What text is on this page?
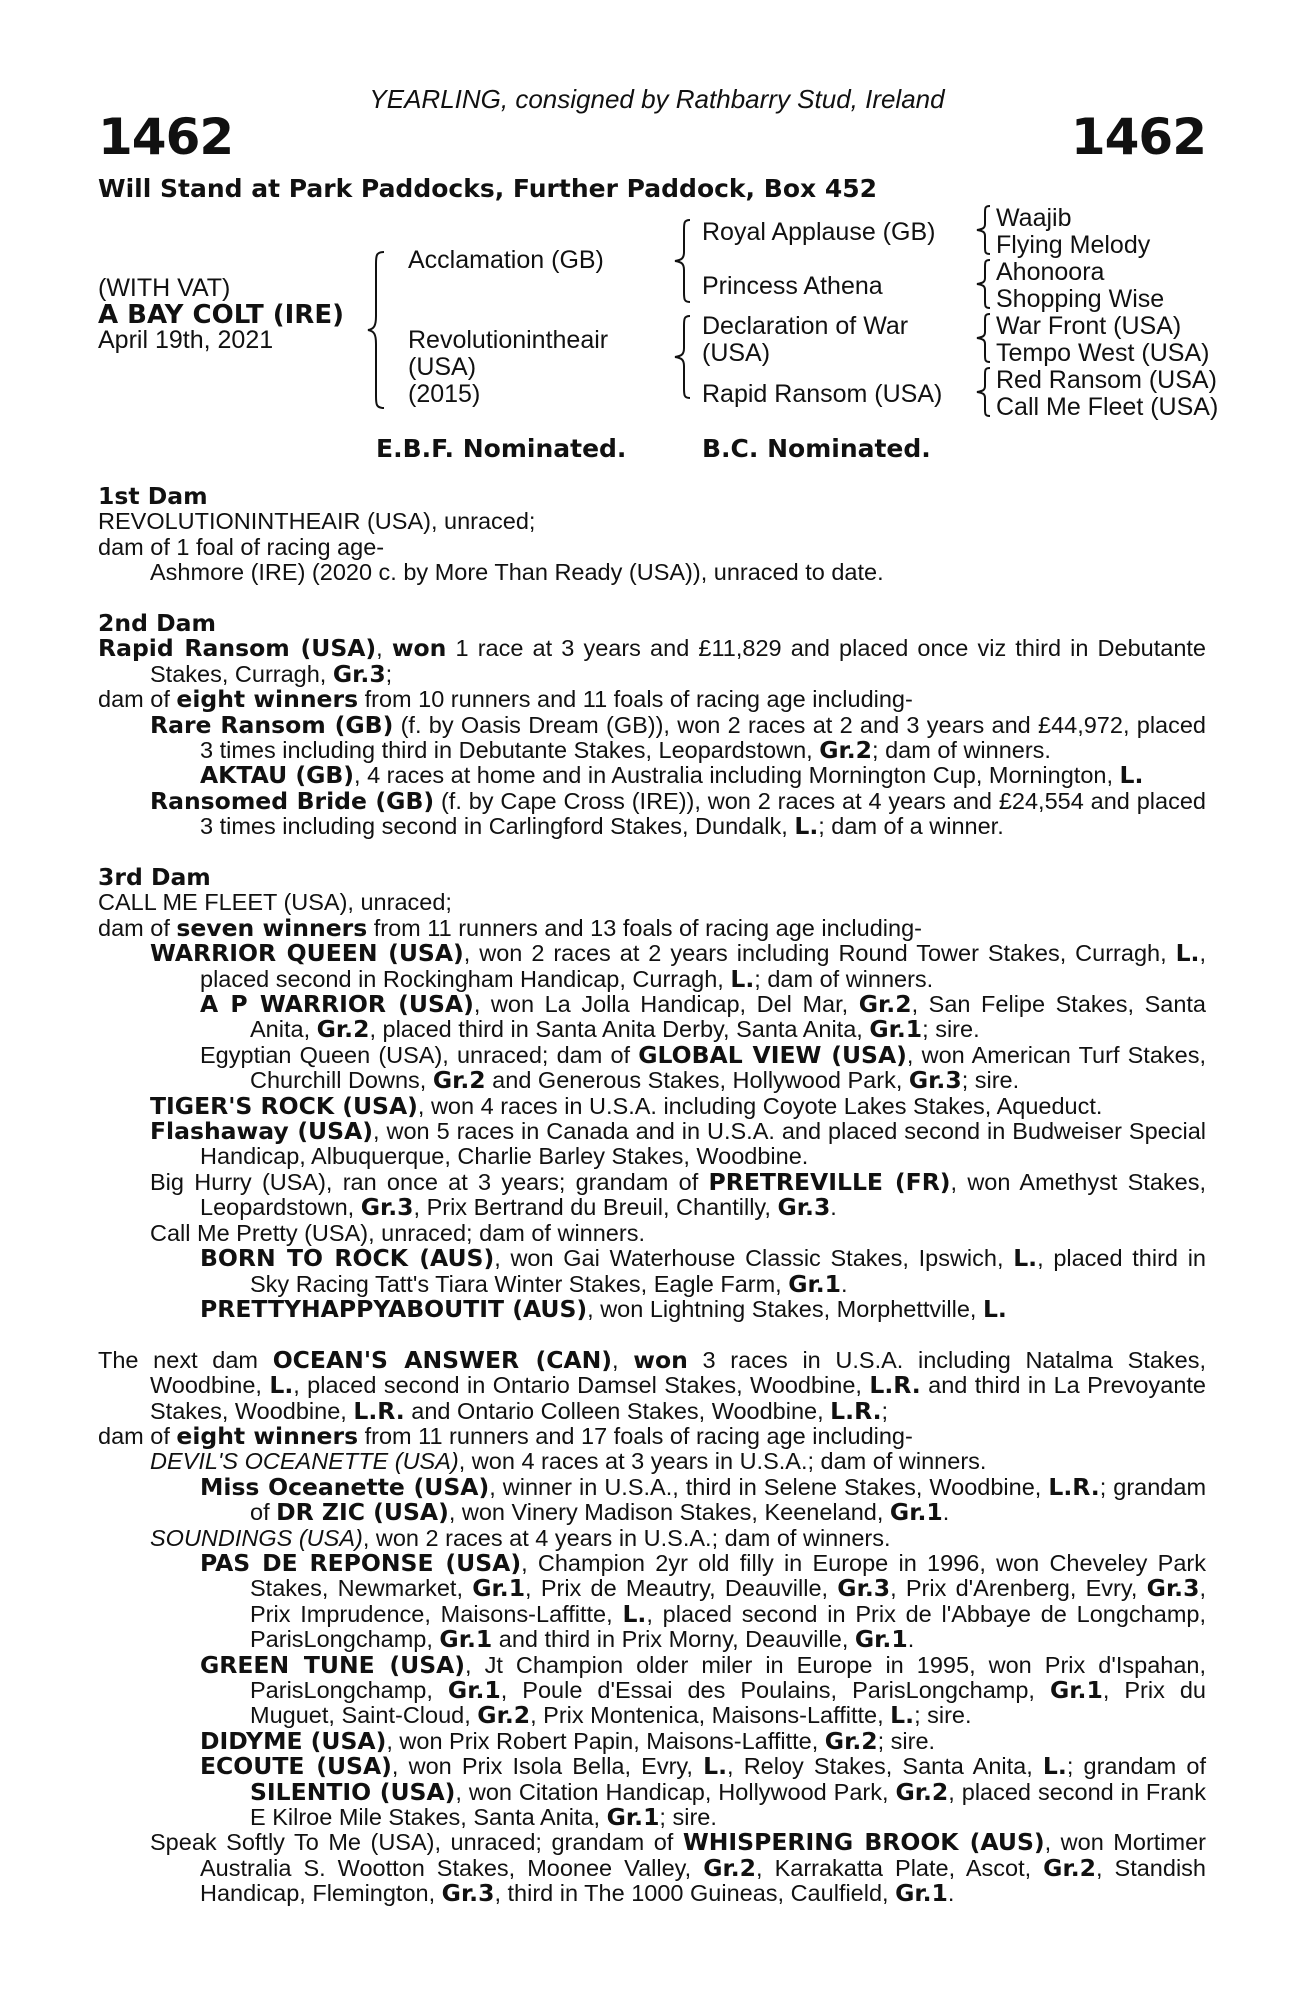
YEARLING, consigned by Rathbarry Stud, Ireland
1462	1462
Will Stand at Park Paddocks, Further Paddock, Box 452
(WITH VAT)
A BAY COLT (IRE)
April 19th, 2021
Acclamation (GB)
Revolutionintheair
(USA)
(2015)
Royal Applause (GB)
Princess Athena
Declaration of War
(USA)
Rapid Ransom (USA)
Waajib
Flying Melody
Ahonoora
Shopping Wise
War Front (USA)
Tempo West (USA)
Red Ransom (USA)
Call Me Fleet (USA)
E.B.F. Nominated.	B.C. Nominated.
1st Dam
REVOLUTIONINTHEAIR (USA), unraced;
dam of 1 foal of racing age-
Ashmore (IRE) (2020 c. by More Than Ready (USA)), unraced to date.
2nd Dam
Rapid Ransom (USA), won 1 race at 3 years and £11,829 and placed once viz third in Debutante Stakes, Curragh, Gr.3;
dam of eight winners from 10 runners and 11 foals of racing age including-
Rare Ransom (GB) (f. by Oasis Dream (GB)), won 2 races at 2 and 3 years and £44,972, placed 3 times including third in Debutante Stakes, Leopardstown, Gr.2; dam of winners.
AKTAU (GB), 4 races at home and in Australia including Mornington Cup, Mornington, L.
Ransomed Bride (GB) (f. by Cape Cross (IRE)), won 2 races at 4 years and £24,554 and placed 3 times including second in Carlingford Stakes, Dundalk, L.; dam of a winner.
3rd Dam
CALL ME FLEET (USA), unraced;
dam of seven winners from 11 runners and 13 foals of racing age including-
WARRIOR QUEEN (USA), won 2 races at 2 years including Round Tower Stakes, Curragh, L., placed second in Rockingham Handicap, Curragh, L.; dam of winners.
A P WARRIOR (USA), won La Jolla Handicap, Del Mar, Gr.2, San Felipe Stakes, Santa Anita, Gr.2, placed third in Santa Anita Derby, Santa Anita, Gr.1; sire.
Egyptian Queen (USA), unraced; dam of GLOBAL VIEW (USA), won American Turf Stakes, Churchill Downs, Gr.2 and Generous Stakes, Hollywood Park, Gr.3; sire.
TIGER'S ROCK (USA), won 4 races in U.S.A. including Coyote Lakes Stakes, Aqueduct.
Flashaway (USA), won 5 races in Canada and in U.S.A. and placed second in Budweiser Special Handicap, Albuquerque, Charlie Barley Stakes, Woodbine.
Big Hurry (USA), ran once at 3 years; grandam of PRETREVILLE (FR), won Amethyst Stakes, Leopardstown, Gr.3, Prix Bertrand du Breuil, Chantilly, Gr.3.
Call Me Pretty (USA), unraced; dam of winners.
BORN TO ROCK (AUS), won Gai Waterhouse Classic Stakes, Ipswich, L., placed third in Sky Racing Tatt's Tiara Winter Stakes, Eagle Farm, Gr.1.
PRETTYHAPPYABOUTIT (AUS), won Lightning Stakes, Morphettville, L.
The next dam OCEAN'S ANSWER (CAN), won 3 races in U.S.A. including Natalma Stakes, Woodbine, L., placed second in Ontario Damsel Stakes, Woodbine, L.R. and third in La Prevoyante Stakes, Woodbine, L.R. and Ontario Colleen Stakes, Woodbine, L.R.;
dam of eight winners from 11 runners and 17 foals of racing age including-
DEVIL'S OCEANETTE (USA), won 4 races at 3 years in U.S.A.; dam of winners.
Miss Oceanette (USA), winner in U.S.A., third in Selene Stakes, Woodbine, L.R.; grandam of DR ZIC (USA), won Vinery Madison Stakes, Keeneland, Gr.1.
SOUNDINGS (USA), won 2 races at 4 years in U.S.A.; dam of winners.
PAS DE REPONSE (USA), Champion 2yr old filly in Europe in 1996, won Cheveley Park Stakes, Newmarket, Gr.1, Prix de Meautry, Deauville, Gr.3, Prix d'Arenberg, Evry, Gr.3, Prix Imprudence, Maisons-Laffitte, L., placed second in Prix de l'Abbaye de Longchamp, ParisLongchamp, Gr.1 and third in Prix Morny, Deauville, Gr.1.
GREEN TUNE (USA), Jt Champion older miler in Europe in 1995, won Prix d'Ispahan, ParisLongchamp, Gr.1, Poule d'Essai des Poulains, ParisLongchamp, Gr.1, Prix du Muguet, Saint-Cloud, Gr.2, Prix Montenica, Maisons-Laffitte, L.; sire.
DIDYME (USA), won Prix Robert Papin, Maisons-Laffitte, Gr.2; sire.
ECOUTE (USA), won Prix Isola Bella, Evry, L., Reloy Stakes, Santa Anita, L.; grandam of SILENTIO (USA), won Citation Handicap, Hollywood Park, Gr.2, placed second in Frank E Kilroe Mile Stakes, Santa Anita, Gr.1; sire.
Speak Softly To Me (USA), unraced; grandam of WHISPERING BROOK (AUS), won Mortimer Australia S. Wootton Stakes, Moonee Valley, Gr.2, Karrakatta Plate, Ascot, Gr.2, Standish Handicap, Flemington, Gr.3, third in The 1000 Guineas, Caulfield, Gr.1.
